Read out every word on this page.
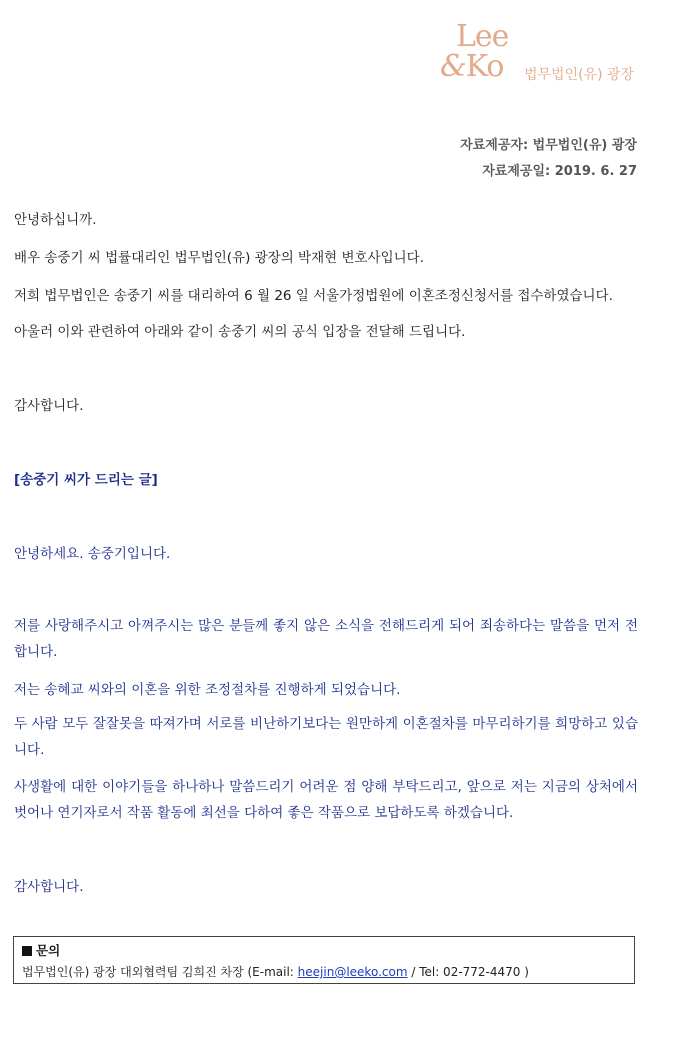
Lee
&Ko 법무법인(유) 광장
자료제공자: 법무법인(유) 광장
자료제공일: 2019. 6. 27
안녕하십니까.
배우 송중기 씨 법률대리인 법무법인(유) 광장의 박재현 변호사입니다.
저희 법무법인은 송중기 씨를 대리하여 6 월 26 일 서울가정법원에 이혼조정신청서를 접수하였습니다.
아울러 이와 관련하여 아래와 같이 송중기 씨의 공식 입장을 전달해 드립니다.
감사합니다.
[송중기 씨가 드리는 글]
안녕하세요. 송중기입니다.
저를 사랑해주시고 아껴주시는 많은 분들께 좋지 않은 소식을 전해드리게 되어 죄송하다는 말씀을 먼저 전합니다.
저는 송혜교 씨와의 이혼을 위한 조정절차를 진행하게 되었습니다.
두 사람 모두 잘잘못을 따져가며 서로를 비난하기보다는 원만하게 이혼절차를 마무리하기를 희망하고 있습니다.
사생활에 대한 이야기들을 하나하나 말씀드리기 어려운 점 양해 부탁드리고, 앞으로 저는 지금의 상처에서 벗어나 연기자로서 작품 활동에 최선을 다하여 좋은 작품으로 보답하도록 하겠습니다.
감사합니다.
문의
법무법인(유) 광장 대외협력팀 김희진 차장 (E-mail: heejin@leeko.com / Tel: 02-772-4470 )
